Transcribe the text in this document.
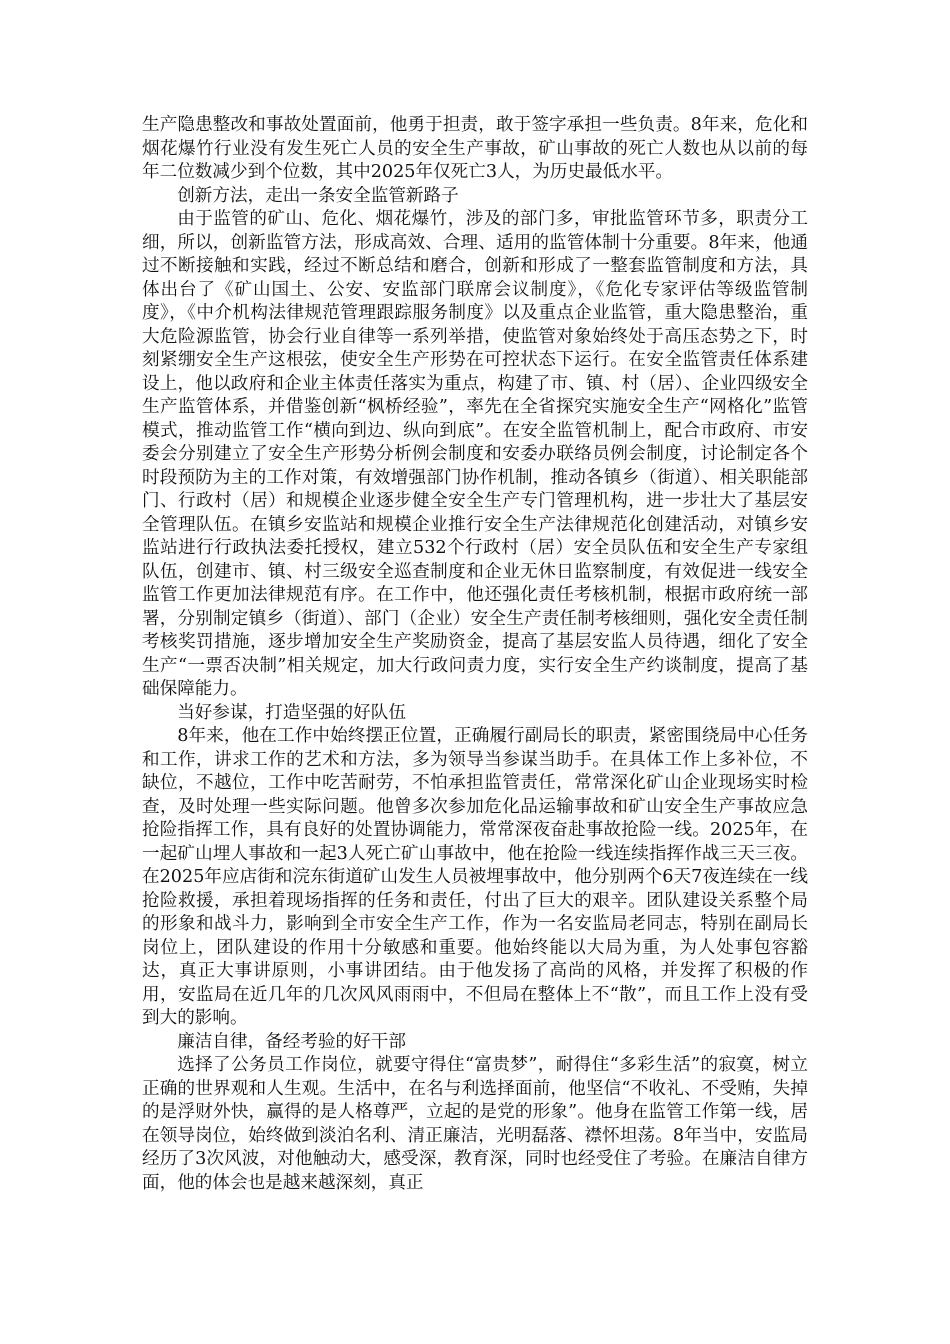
生产隐患整改和事故处置面前，他勇于担责，敢于签字承担一些负责。8年来，危化和烟花爆竹行业没有发生死亡人员的安全生产事故，矿山事故的死亡人数也从以前的每年二位数减少到个位数，其中2025年仅死亡3人，为历史最低水平。

创新方法，走出一条安全监管新路子

由于监管的矿山、危化、烟花爆竹，涉及的部门多，审批监管环节多，职责分工细，所以，创新监管方法，形成高效、合理、适用的监管体制十分重要。8年来，他通过不断接触和实践，经过不断总结和磨合，创新和形成了一整套监管制度和方法，具体出台了《矿山国土、公安、安监部门联席会议制度》，《危化专家评估等级监管制度》，《中介机构法律规范管理跟踪服务制度》以及重点企业监管，重大隐患整治，重大危险源监管，协会行业自律等一系列举措，使监管对象始终处于高压态势之下，时刻紧绷安全生产这根弦，使安全生产形势在可控状态下运行。在安全监管责任体系建设上，他以政府和企业主体责任落实为重点，构建了市、镇、村（居）、企业四级安全生产监管体系，并借鉴创新“枫桥经验”，率先在全省探究实施安全生产“网格化”监管模式，推动监管工作“横向到边、纵向到底”。在安全监管机制上，配合市政府、市安委会分别建立了安全生产形势分析例会制度和安委办联络员例会制度，讨论制定各个时段预防为主的工作对策，有效增强部门协作机制，推动各镇乡（街道）、相关职能部门、行政村（居）和规模企业逐步健全安全生产专门管理机构，进一步壮大了基层安全管理队伍。在镇乡安监站和规模企业推行安全生产法律规范化创建活动，对镇乡安监站进行行政执法委托授权，建立532个行政村（居）安全员队伍和安全生产专家组队伍，创建市、镇、村三级安全巡查制度和企业无休日监察制度，有效促进一线安全监管工作更加法律规范有序。在工作中，他还强化责任考核机制，根据市政府统一部署，分别制定镇乡（街道）、部门（企业）安全生产责任制考核细则，强化安全责任制考核奖罚措施，逐步增加安全生产奖励资金，提高了基层安监人员待遇，细化了安全生产“一票否决制”相关规定，加大行政问责力度，实行安全生产约谈制度，提高了基础保障能力。

当好参谋，打造坚强的好队伍

8年来，他在工作中始终摆正位置，正确履行副局长的职责，紧密围绕局中心任务和工作，讲求工作的艺术和方法，多为领导当参谋当助手。在具体工作上多补位，不缺位，不越位，工作中吃苦耐劳，不怕承担监管责任，常常深化矿山企业现场实时检查，及时处理一些实际问题。他曾多次参加危化品运输事故和矿山安全生产事故应急抢险指挥工作，具有良好的处置协调能力，常常深夜奋赴事故抢险一线。2025年，在一起矿山埋人事故和一起3人死亡矿山事故中，他在抢险一线连续指挥作战三天三夜。在2025年应店街和浣东街道矿山发生人员被埋事故中，他分别两个6天7夜连续在一线抢险救援，承担着现场指挥的任务和责任，付出了巨大的艰辛。团队建设关系整个局的形象和战斗力，影响到全市安全生产工作，作为一名安监局老同志，特别在副局长岗位上，团队建设的作用十分敏感和重要。他始终能以大局为重，为人处事包容豁达，真正大事讲原则，小事讲团结。由于他发扬了高尚的风格，并发挥了积极的作用，安监局在近几年的几次风风雨雨中，不但局在整体上不“散”，而且工作上没有受到大的影响。

廉洁自律，备经考验的好干部

选择了公务员工作岗位，就要守得住“富贵梦”，耐得住“多彩生活”的寂寞，树立正确的世界观和人生观。生活中，在名与利选择面前，他坚信“不收礼、不受贿，失掉的是浮财外快，赢得的是人格尊严，立起的是党的形象”。他身在监管工作第一线，居在领导岗位，始终做到淡泊名利、清正廉洁，光明磊落、襟怀坦荡。8年当中，安监局经历了3次风波，对他触动大，感受深，教育深，同时也经受住了考验。在廉洁自律方面，他的体会也是越来越深刻，真正
